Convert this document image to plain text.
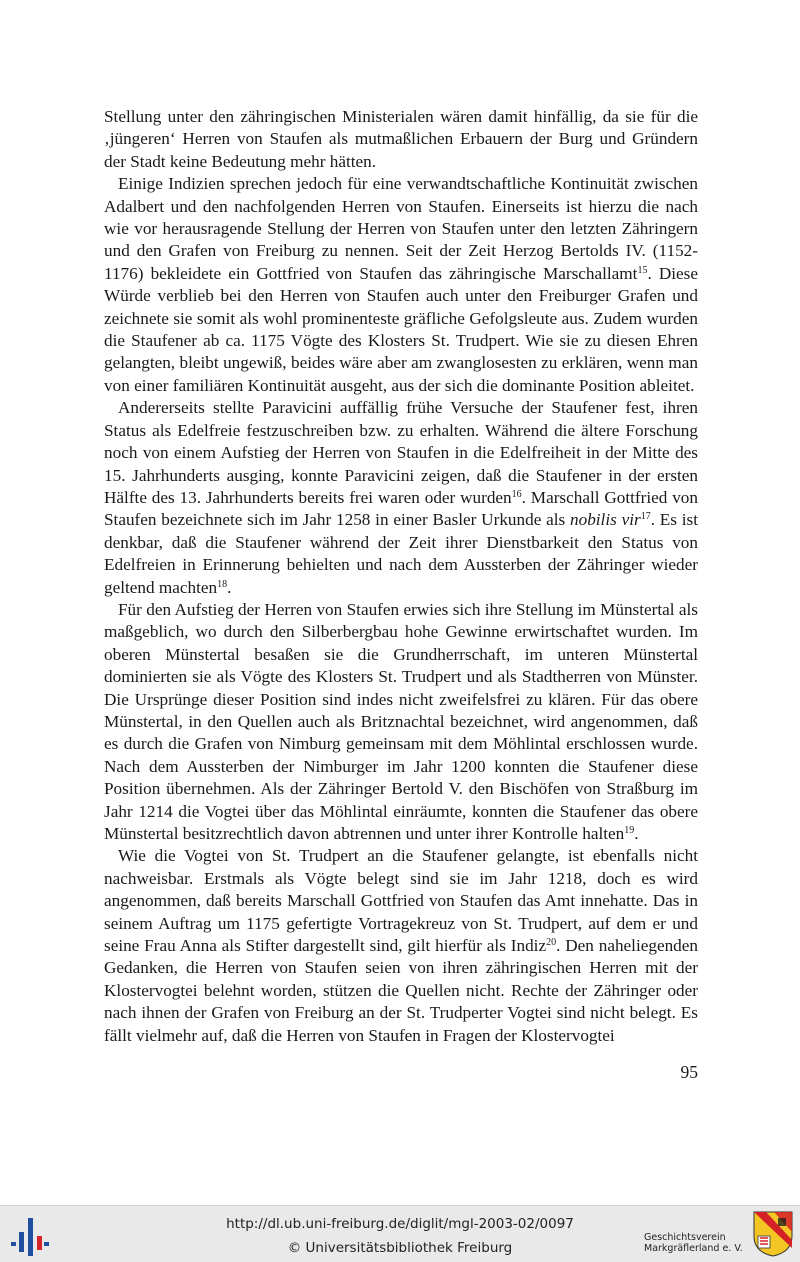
Stellung unter den zähringischen Ministerialen wären damit hinfällig, da sie für die ‚jüngeren‘ Herren von Staufen als mutmaßlichen Erbauern der Burg und Gründern der Stadt keine Bedeutung mehr hätten.

Einige Indizien sprechen jedoch für eine verwandtschaftliche Kontinuität zwischen Adalbert und den nachfolgenden Herren von Staufen. Einerseits ist hierzu die nach wie vor herausragende Stellung der Herren von Staufen unter den letzten Zähringern und den Grafen von Freiburg zu nennen. Seit der Zeit Herzog Bertolds IV. (1152-1176) bekleidete ein Gottfried von Staufen das zähringische Marschallamt$^{15}$. Diese Würde verblieb bei den Herren von Staufen auch unter den Freiburger Grafen und zeichnete sie somit als wohl prominenteste gräfliche Gefolgsleute aus. Zudem wurden die Staufener ab ca. 1175 Vögte des Klosters St. Trudpert. Wie sie zu diesen Ehren gelangten, bleibt ungewiß, beides wäre aber am zwanglosesten zu erklären, wenn man von einer familiären Kontinuität ausgeht, aus der sich die dominante Position ableitet.

Andererseits stellte Paravicini auffällig frühe Versuche der Staufener fest, ihren Status als Edelfreie festzuschreiben bzw. zu erhalten. Während die ältere Forschung noch von einem Aufstieg der Herren von Staufen in die Edelfreiheit in der Mitte des 15. Jahrhunderts ausging, konnte Paravicini zeigen, daß die Staufener in der ersten Hälfte des 13. Jahrhunderts bereits frei waren oder wurden$^{16}$. Marschall Gottfried von Staufen bezeichnete sich im Jahr 1258 in einer Basler Urkunde als nobilis vir$^{17}$. Es ist denkbar, daß die Staufener während der Zeit ihrer Dienstbarkeit den Status von Edelfreien in Erinnerung behielten und nach dem Aussterben der Zähringer wieder geltend machten$^{18}$.

Für den Aufstieg der Herren von Staufen erwies sich ihre Stellung im Münstertal als maßgeblich, wo durch den Silberbergbau hohe Gewinne erwirtschaftet wurden. Im oberen Münstertal besaßen sie die Grundherrschaft, im unteren Münstertal dominierten sie als Vögte des Klosters St. Trudpert und als Stadtherren von Münster. Die Ursprünge dieser Position sind indes nicht zweifelsfrei zu klären. Für das obere Münstertal, in den Quellen auch als Britznachtal bezeichnet, wird angenommen, daß es durch die Grafen von Nimburg gemeinsam mit dem Möhlintal erschlossen wurde. Nach dem Aussterben der Nimburger im Jahr 1200 konnten die Staufener diese Position übernehmen. Als der Zähringer Bertold V. den Bischöfen von Straßburg im Jahr 1214 die Vogtei über das Möhlintal einräumte, konnten die Staufener das obere Münstertal besitzrechtlich davon abtrennen und unter ihrer Kontrolle halten$^{19}$.

Wie die Vogtei von St. Trudpert an die Staufener gelangte, ist ebenfalls nicht nachweisbar. Erstmals als Vögte belegt sind sie im Jahr 1218, doch es wird angenommen, daß bereits Marschall Gottfried von Staufen das Amt innehatte. Das in seinem Auftrag um 1175 gefertigte Vortragekreuz von St. Trudpert, auf dem er und seine Frau Anna als Stifter dargestellt sind, gilt hierfür als Indiz$^{20}$. Den naheliegenden Gedanken, die Herren von Staufen seien von ihren zähringischen Herren mit der Klostervogtei belehnt worden, stützen die Quellen nicht. Rechte der Zähringer oder nach ihnen der Grafen von Freiburg an der St. Trudperter Vogtei sind nicht belegt. Es fällt vielmehr auf, daß die Herren von Staufen in Fragen der Klostervogtei

95
http://dl.ub.uni-freiburg.de/diglit/mgl-2003-02/0097
© Universitätsbibliothek Freiburg
Geschichtsverein
Markgräflerland e. V.
